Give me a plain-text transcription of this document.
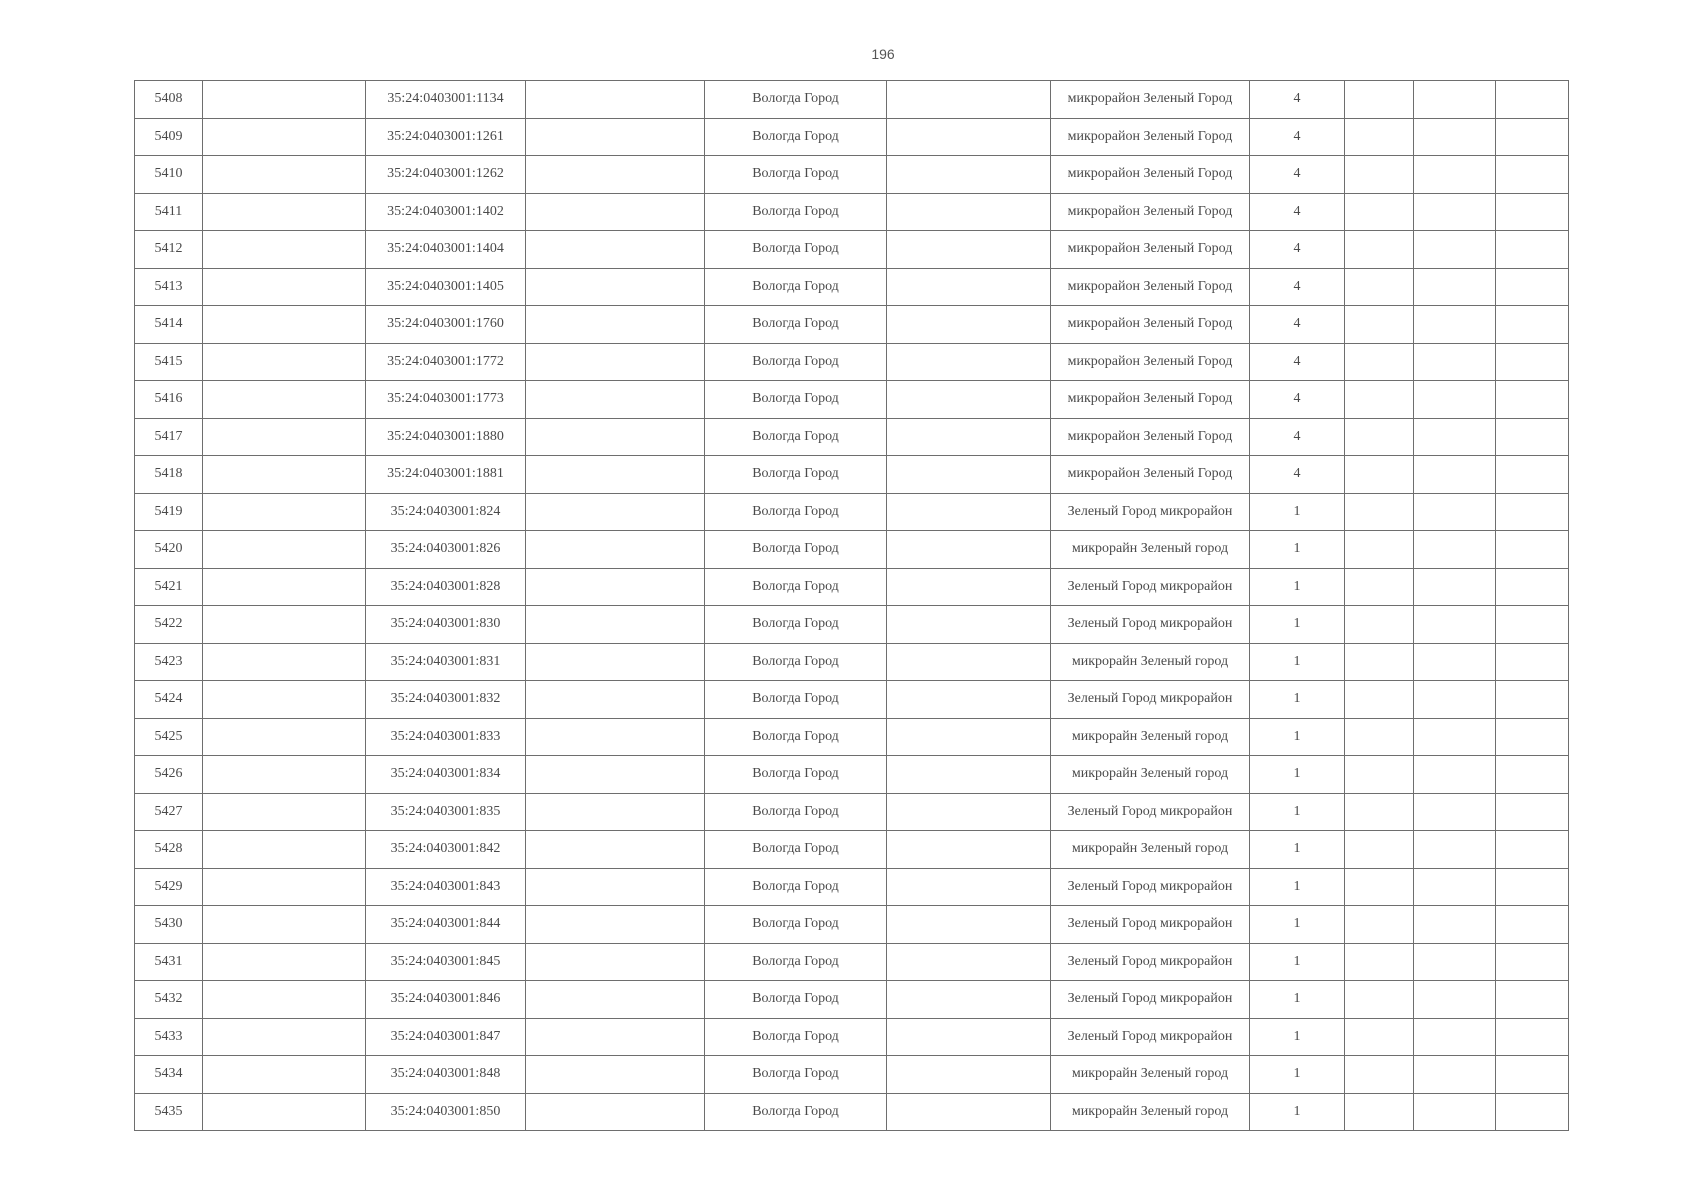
196
5408		35:24:0403001:1134		Вологда Город		микрорайон Зеленый Город	4			
5409		35:24:0403001:1261		Вологда Город		микрорайон Зеленый Город	4			
5410		35:24:0403001:1262		Вологда Город		микрорайон Зеленый Город	4			
5411		35:24:0403001:1402		Вологда Город		микрорайон Зеленый Город	4			
5412		35:24:0403001:1404		Вологда Город		микрорайон Зеленый Город	4			
5413		35:24:0403001:1405		Вологда Город		микрорайон Зеленый Город	4			
5414		35:24:0403001:1760		Вологда Город		микрорайон Зеленый Город	4			
5415		35:24:0403001:1772		Вологда Город		микрорайон Зеленый Город	4			
5416		35:24:0403001:1773		Вологда Город		микрорайон Зеленый Город	4			
5417		35:24:0403001:1880		Вологда Город		микрорайон Зеленый Город	4			
5418		35:24:0403001:1881		Вологда Город		микрорайон Зеленый Город	4			
5419		35:24:0403001:824		Вологда Город		Зеленый Город микрорайон	1			
5420		35:24:0403001:826		Вологда Город		микрорайн Зеленый город	1			
5421		35:24:0403001:828		Вологда Город		Зеленый Город микрорайон	1			
5422		35:24:0403001:830		Вологда Город		Зеленый Город микрорайон	1			
5423		35:24:0403001:831		Вологда Город		микрорайн Зеленый город	1			
5424		35:24:0403001:832		Вологда Город		Зеленый Город микрорайон	1			
5425		35:24:0403001:833		Вологда Город		микрорайн Зеленый город	1			
5426		35:24:0403001:834		Вологда Город		микрорайн Зеленый город	1			
5427		35:24:0403001:835		Вологда Город		Зеленый Город микрорайон	1			
5428		35:24:0403001:842		Вологда Город		микрорайн Зеленый город	1			
5429		35:24:0403001:843		Вологда Город		Зеленый Город микрорайон	1			
5430		35:24:0403001:844		Вологда Город		Зеленый Город микрорайон	1			
5431		35:24:0403001:845		Вологда Город		Зеленый Город микрорайон	1			
5432		35:24:0403001:846		Вологда Город		Зеленый Город микрорайон	1			
5433		35:24:0403001:847		Вологда Город		Зеленый Город микрорайон	1			
5434		35:24:0403001:848		Вологда Город		микрорайн Зеленый город	1			
5435		35:24:0403001:850		Вологда Город		микрорайн Зеленый город	1			
